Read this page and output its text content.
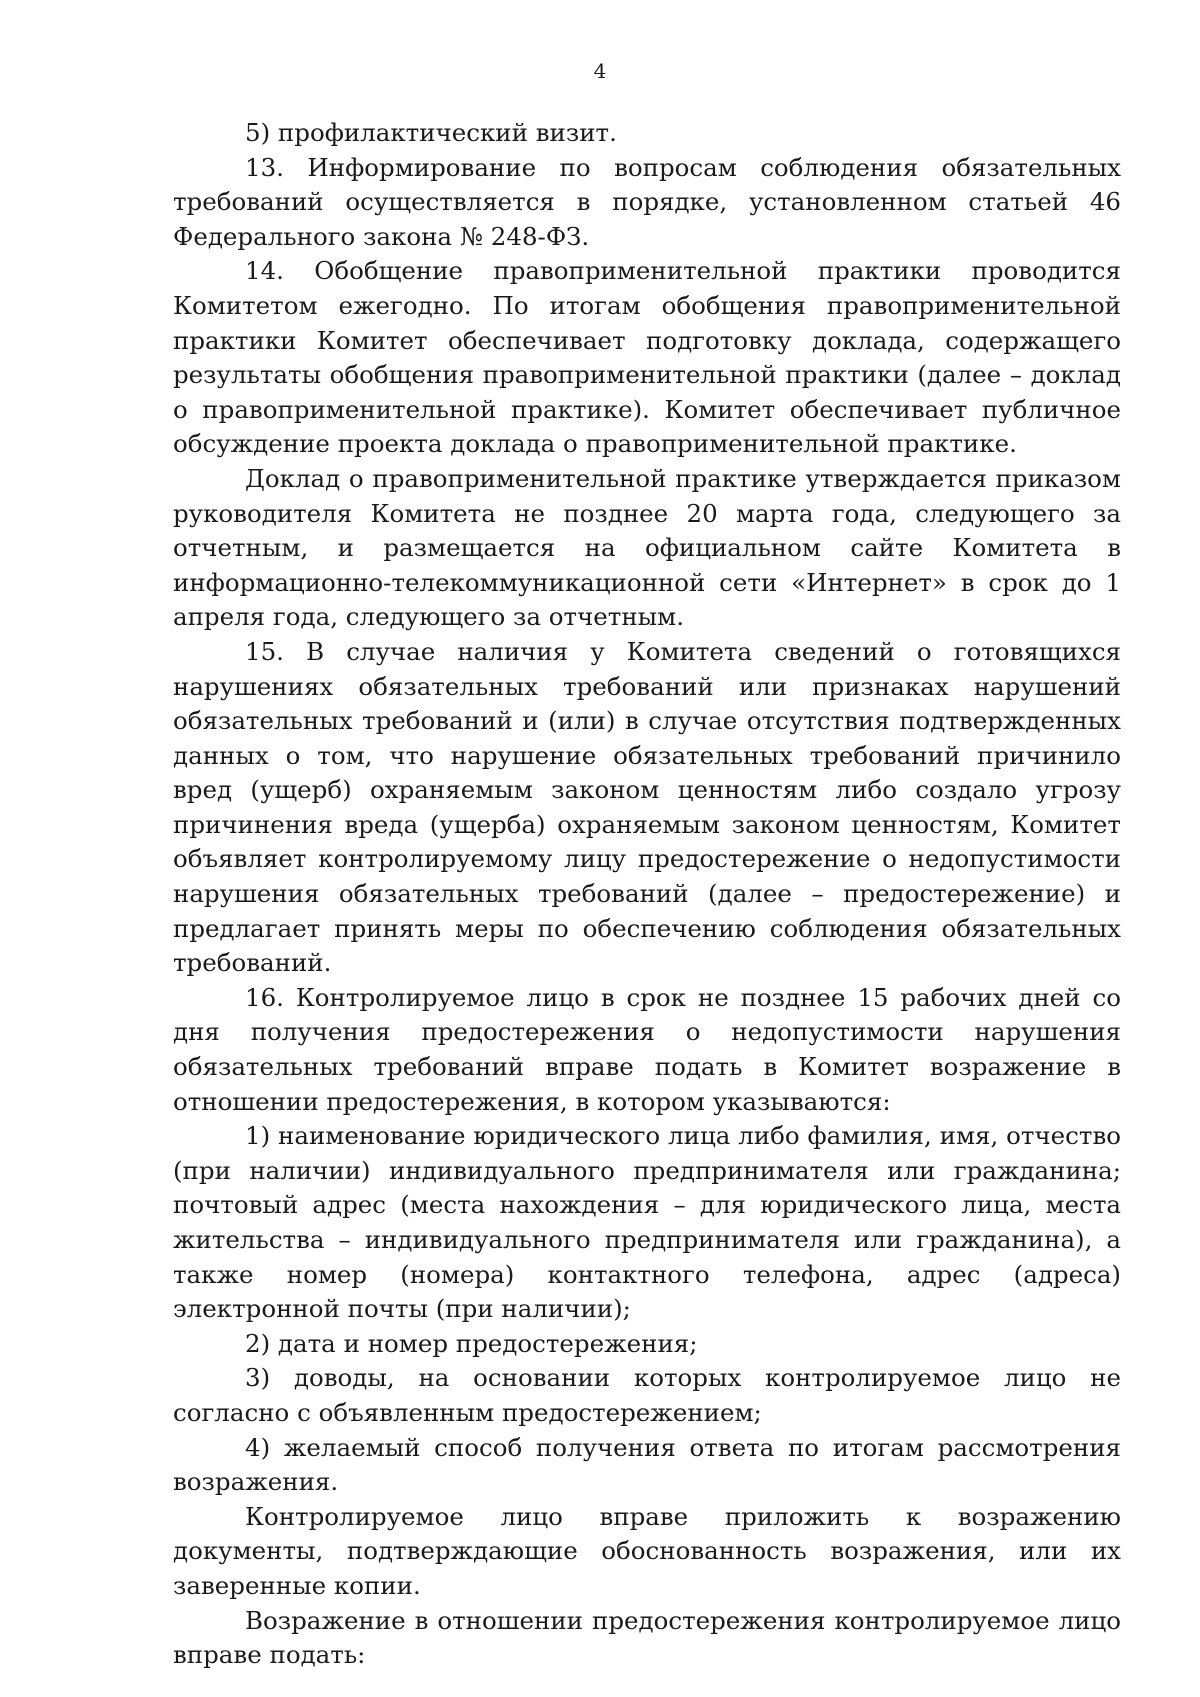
4

5) профилактический визит.

13. Информирование по вопросам соблюдения обязательных требований осуществляется в порядке, установленном статьей 46 Федерального закона № 248-ФЗ.

14. Обобщение правоприменительной практики проводится Комитетом ежегодно. По итогам обобщения правоприменительной практики Комитет обеспечивает подготовку доклада, содержащего результаты обобщения правоприменительной практики (далее – доклад о правоприменительной практике). Комитет обеспечивает публичное обсуждение проекта доклада о правоприменительной практике.

Доклад о правоприменительной практике утверждается приказом руководителя Комитета не позднее 20 марта года, следующего за отчетным, и размещается на официальном сайте Комитета в информационно-телекоммуникационной сети «Интернет» в срок до 1 апреля года, следующего за отчетным.

15. В случае наличия у Комитета сведений о готовящихся нарушениях обязательных требований или признаках нарушений обязательных требований и (или) в случае отсутствия подтвержденных данных о том, что нарушение обязательных требований причинило вред (ущерб) охраняемым законом ценностям либо создало угрозу причинения вреда (ущерба) охраняемым законом ценностям, Комитет объявляет контролируемому лицу предостережение о недопустимости нарушения обязательных требований (далее – предостережение) и предлагает принять меры по обеспечению соблюдения обязательных требований.

16. Контролируемое лицо в срок не позднее 15 рабочих дней со дня получения предостережения о недопустимости нарушения обязательных требований вправе подать в Комитет возражение в отношении предостережения, в котором указываются:

1) наименование юридического лица либо фамилия, имя, отчество (при наличии) индивидуального предпринимателя или гражданина; почтовый адрес (места нахождения – для юридического лица, места жительства – индивидуального предпринимателя или гражданина), а также номер (номера) контактного телефона, адрес (адреса) электронной почты (при наличии);

2) дата и номер предостережения;

3) доводы, на основании которых контролируемое лицо не согласно с объявленным предостережением;

4) желаемый способ получения ответа по итогам рассмотрения возражения.

Контролируемое лицо вправе приложить к возражению документы, подтверждающие обоснованность возражения, или их заверенные копии.

Возражение в отношении предостережения контролируемое лицо вправе подать:
